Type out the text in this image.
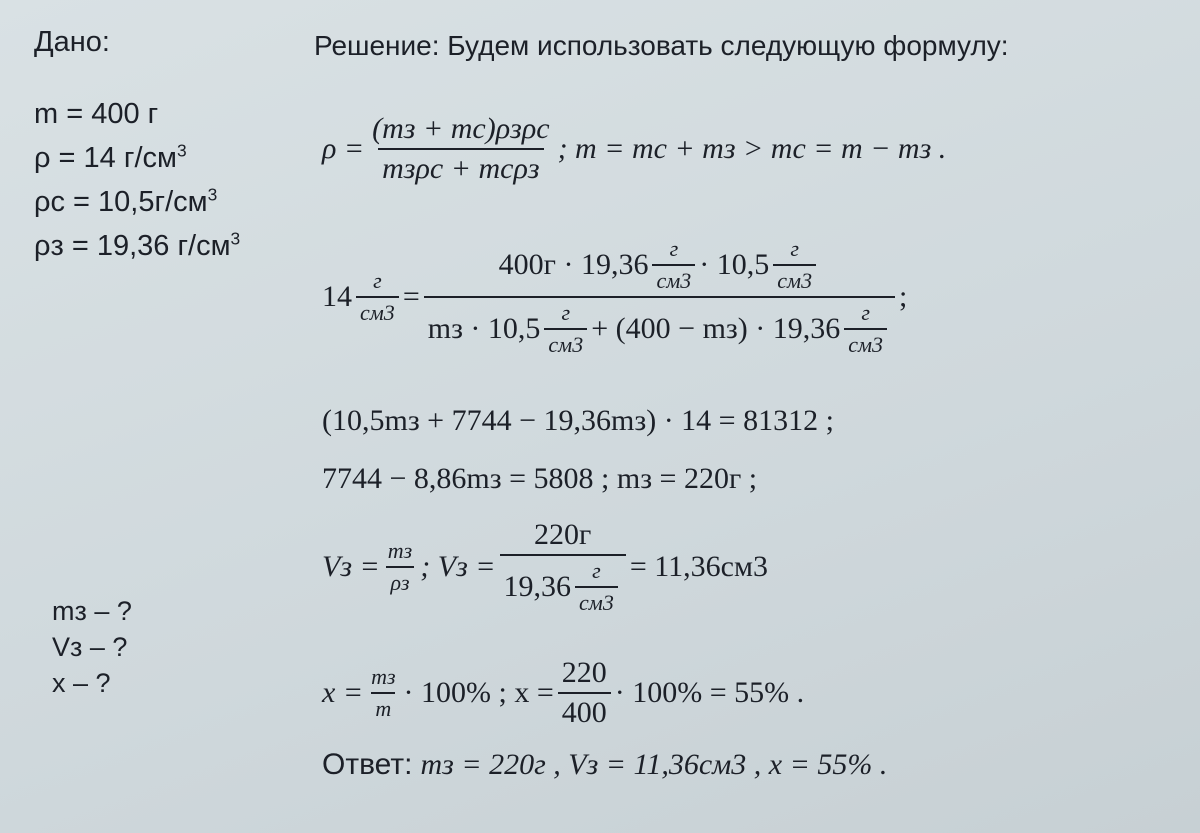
Дано:
m = 400 г
ρ = 14 $г/см^3$
$\rho c = 10,5г/см^3$
ρз = 19,36 $г/см^3$
mз – ?
Vз – ?
x – ?
Решение: Будем использовать следующую формулу:
$\rho = \frac{\text{(mз + mc)ρзρc}}{\text{mзρc + mcρз}}$ ; m = mc + mз > mc = m − mз .
$14 \frac{г}{см3}$ =
$400г \cdot 19,36 \frac{г}{см3} \cdot 10,5 \frac{г}{см3}$
mз · $10,5 \frac{г}{см3} + (400 - mз) \cdot 19,36 \frac{г}{см3}$
;
(10,5mз + 7744 − 19,36mз) · 14 = 81312 ;
7744 − 8,86mз = 5808 ; mз = 220г ;
Vз = $\frac{mз}{\rho з}$ ; Vз = $\frac{220г}{19,36 \frac{г}{см3}} = 11,36см3$
$x = \frac{mз}{m} \cdot 100\%$ ; $x = \frac{220}{400} \cdot 100\% = 55\%$ .
Ответ: mз = 220г , Vз = 11,36см3 , x = 55% .
